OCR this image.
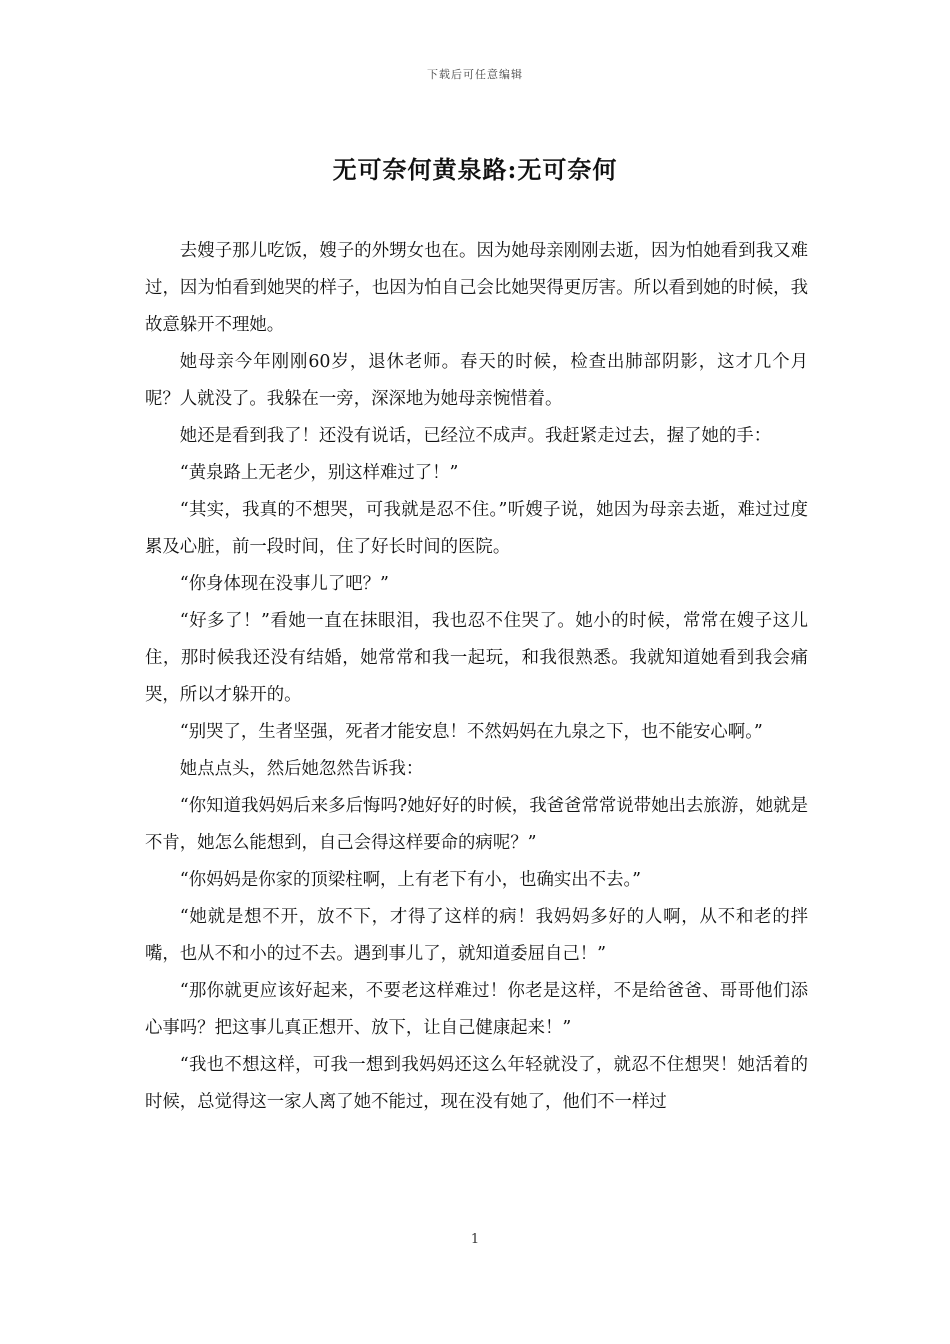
下载后可任意编辑
无可奈何黄泉路:无可奈何

去嫂子那儿吃饭，嫂子的外甥女也在。因为她母亲刚刚去逝，因为怕她看到我又难过，因为怕看到她哭的样子，也因为怕自己会比她哭得更厉害。所以看到她的时候，我故意躲开不理她。

她母亲今年刚刚60岁，退休老师。春天的时候，检查出肺部阴影，这才几个月呢？人就没了。我躲在一旁，深深地为她母亲惋惜着。

她还是看到我了！还没有说话，已经泣不成声。我赶紧走过去，握了她的手：

“黄泉路上无老少，别这样难过了！”

“其实，我真的不想哭，可我就是忍不住。”听嫂子说，她因为母亲去逝，难过过度累及心脏，前一段时间，住了好长时间的医院。

“你身体现在没事儿了吧？”

“好多了！”看她一直在抹眼泪，我也忍不住哭了。她小的时候，常常在嫂子这儿住，那时候我还没有结婚，她常常和我一起玩，和我很熟悉。我就知道她看到我会痛哭，所以才躲开的。

“别哭了，生者坚强，死者才能安息！不然妈妈在九泉之下，也不能安心啊。”

她点点头，然后她忽然告诉我：

“你知道我妈妈后来多后悔吗?她好好的时候，我爸爸常常说带她出去旅游，她就是不肯，她怎么能想到，自己会得这样要命的病呢？”

“你妈妈是你家的顶梁柱啊，上有老下有小，也确实出不去。”

“她就是想不开，放不下，才得了这样的病！我妈妈多好的人啊，从不和老的拌嘴，也从不和小的过不去。遇到事儿了，就知道委屈自己！”

“那你就更应该好起来，不要老这样难过！你老是这样，不是给爸爸、哥哥他们添心事吗？把这事儿真正想开、放下，让自己健康起来！”

“我也不想这样，可我一想到我妈妈还这么年轻就没了，就忍不住想哭！她活着的时候，总觉得这一家人离了她不能过，现在没有她了，他们不一样过

1
